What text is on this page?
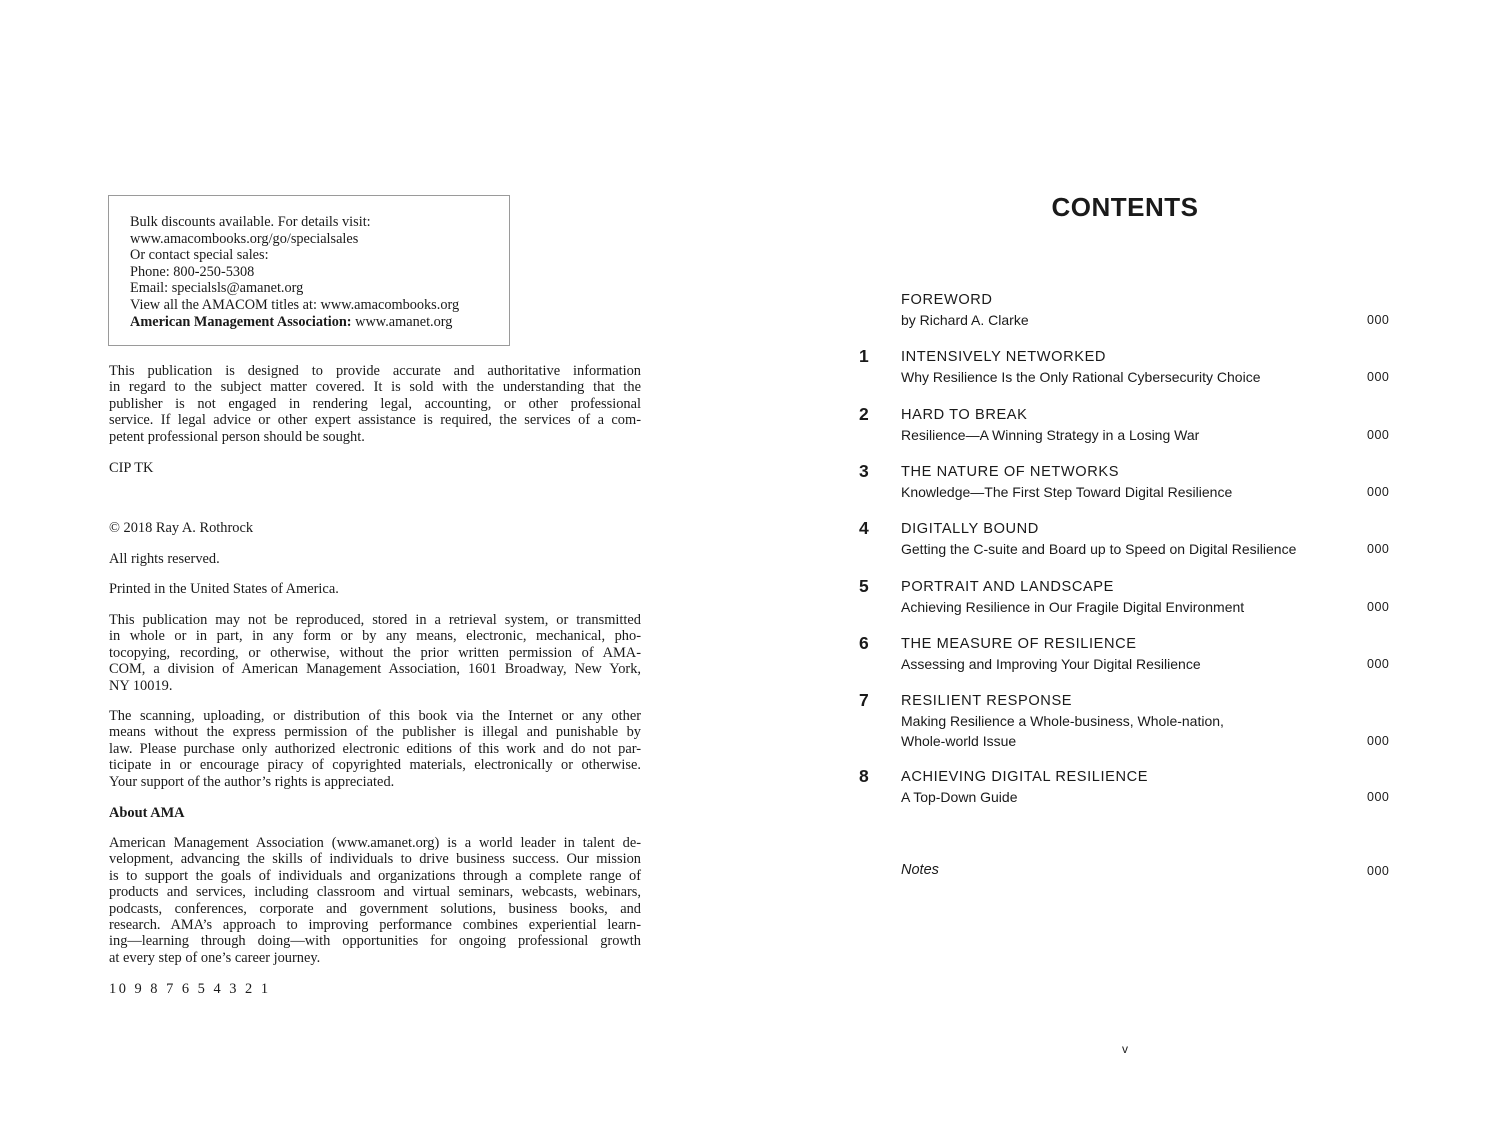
Bulk discounts available. For details visit:
www.amacombooks.org/go/specialsales
Or contact special sales:
Phone: 800-250-5308
Email: specialsls@amanet.org
View all the AMACOM titles at: www.amacombooks.org
American Management Association: www.amanet.org
This publication is designed to provide accurate and authoritative information
in regard to the subject matter covered. It is sold with the understanding that the
publisher is not engaged in rendering legal, accounting, or other professional
service. If legal advice or other expert assistance is required, the services of a com-
petent professional person should be sought.

CIP TK

© 2018 Ray A. Rothrock

All rights reserved.

Printed in the United States of America.

This publication may not be reproduced, stored in a retrieval system, or transmitted
in whole or in part, in any form or by any means, electronic, mechanical, pho-
tocopying, recording, or otherwise, without the prior written permission of AMA-
COM, a division of American Management Association, 1601 Broadway, New York,
NY 10019.
The scanning, uploading, or distribution of this book via the Internet or any other
means without the express permission of the publisher is illegal and punishable by
law. Please purchase only authorized electronic editions of this work and do not par-
ticipate in or encourage piracy of copyrighted materials, electronically or otherwise.
Your support of the author’s rights is appreciated.

About AMA

American Management Association (www.amanet.org) is a world leader in talent de-
velopment, advancing the skills of individuals to drive business success. Our mission
is to support the goals of individuals and organizations through a complete range of
products and services, including classroom and virtual seminars, webcasts, webinars,
podcasts, conferences, corporate and government solutions, business books, and
research. AMA’s approach to improving performance combines experiential learn-
ing—learning through doing—with opportunities for ongoing professional growth
at every step of one’s career journey.

10 9 8 7 6 5 4 3 2 1

CONTENTS
FOREWORD
by Richard A. Clarke	000
1	INTENSIVELY NETWORKED
Why Resilience Is the Only Rational Cybersecurity Choice	000
2	HARD TO BREAK
Resilience—A Winning Strategy in a Losing War	000
3	THE NATURE OF NETWORKS
Knowledge—The First Step Toward Digital Resilience	000
4	DIGITALLY BOUND
Getting the C-suite and Board up to Speed on Digital Resilience	000
5	PORTRAIT AND LANDSCAPE
Achieving Resilience in Our Fragile Digital Environment	000
6	THE MEASURE OF RESILIENCE
Assessing and Improving Your Digital Resilience	000
7	RESILIENT RESPONSE
Making Resilience a Whole-business, Whole-nation,
Whole-world Issue	000
8	ACHIEVING DIGITAL RESILIENCE
A Top-Down Guide	000
Notes	000
v
